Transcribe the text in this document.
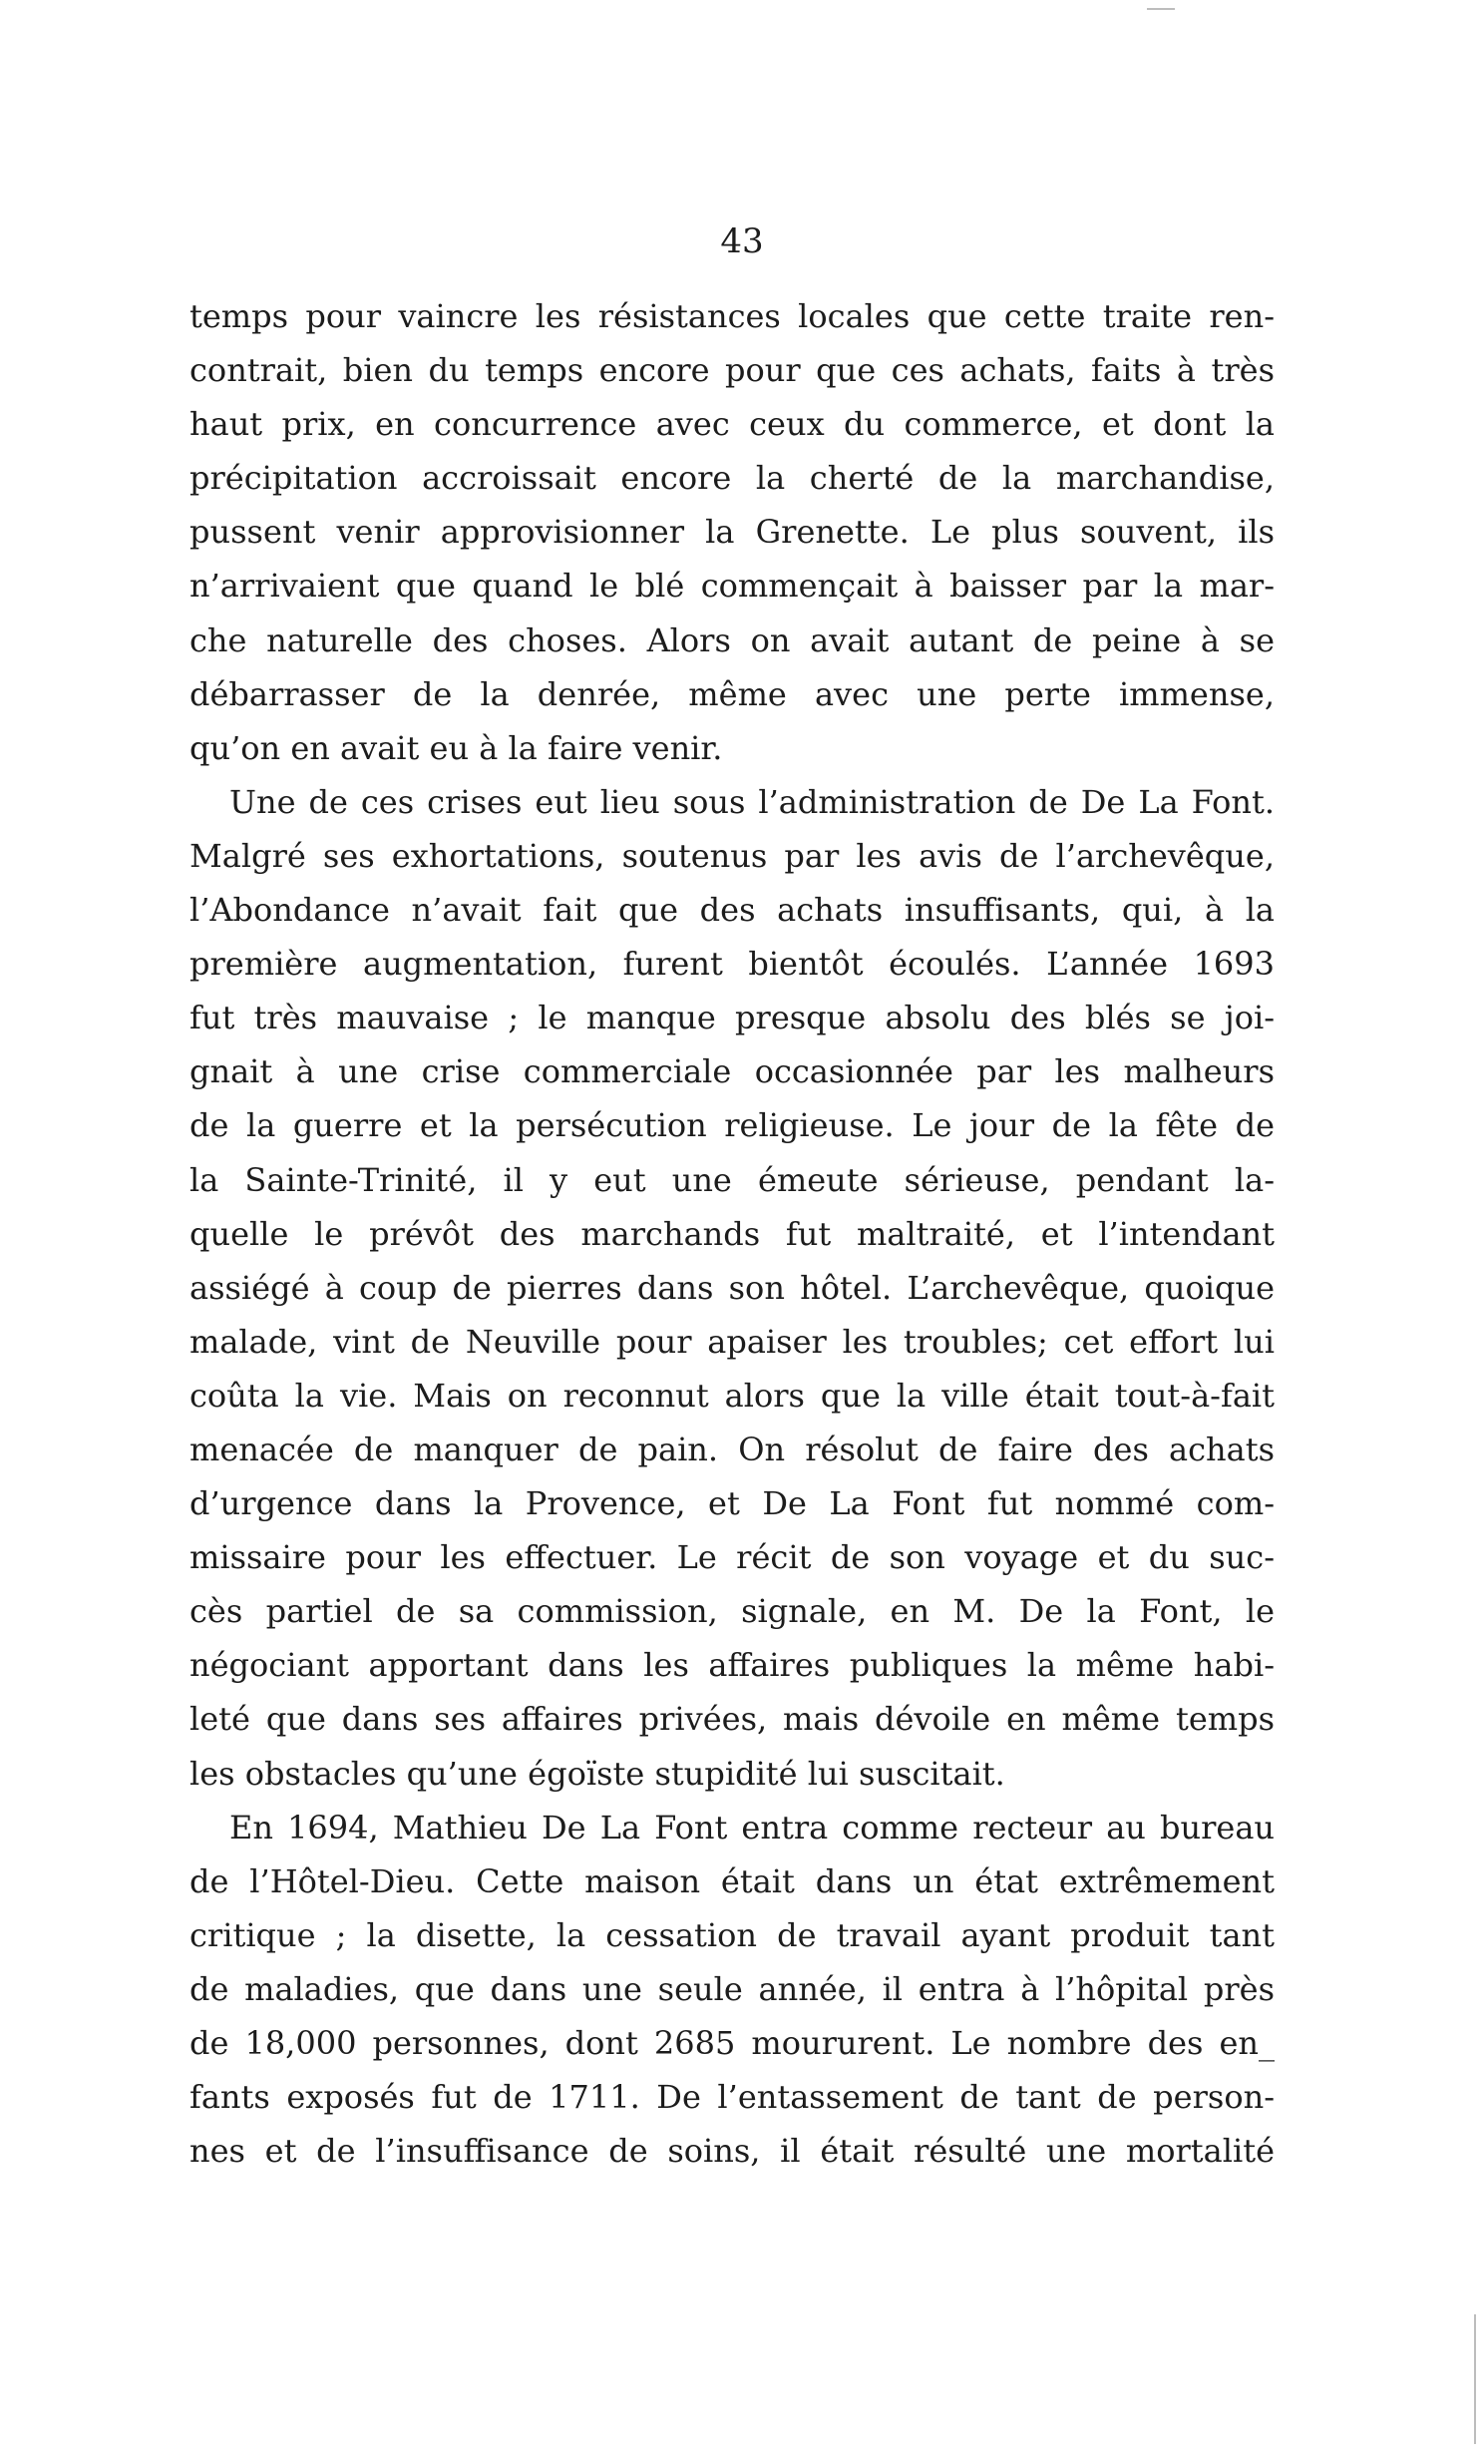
43
temps pour vaincre les résistances locales que cette traite ren-
contrait, bien du temps encore pour que ces achats, faits à très
haut prix, en concurrence avec ceux du commerce, et dont la
précipitation accroissait encore la cherté de la marchandise,
pussent venir approvisionner la Grenette. Le plus souvent, ils
n’arrivaient que quand le blé commençait à baisser par la mar-
che naturelle des choses. Alors on avait autant de peine à se
débarrasser de la denrée, même avec une perte immense,
qu’on en avait eu à la faire venir.
Une de ces crises eut lieu sous l’administration de De La Font.
Malgré ses exhortations, soutenus par les avis de l’archevêque,
l’Abondance n’avait fait que des achats insuffisants, qui, à la
première augmentation, furent bientôt écoulés. L’année 1693
fut très mauvaise ; le manque presque absolu des blés se joi-
gnait à une crise commerciale occasionnée par les malheurs
de la guerre et la persécution religieuse. Le jour de la fête de
la Sainte-Trinité, il y eut une émeute sérieuse, pendant la-
quelle le prévôt des marchands fut maltraité, et l’intendant
assiégé à coup de pierres dans son hôtel. L’archevêque, quoique
malade, vint de Neuville pour apaiser les troubles; cet effort lui
coûta la vie. Mais on reconnut alors que la ville était tout-à-fait
menacée de manquer de pain. On résolut de faire des achats
d’urgence dans la Provence, et De La Font fut nommé com-
missaire pour les effectuer. Le récit de son voyage et du suc-
cès partiel de sa commission, signale, en M. De la Font, le
négociant apportant dans les affaires publiques la même habi-
leté que dans ses affaires privées, mais dévoile en même temps
les obstacles qu’une égoïste stupidité lui suscitait.
En 1694, Mathieu De La Font entra comme recteur au bureau
de l’Hôtel-Dieu. Cette maison était dans un état extrêmement
critique ; la disette, la cessation de travail ayant produit tant
de maladies, que dans une seule année, il entra à l’hôpital près
de 18,000 personnes, dont 2685 moururent. Le nombre des en_
fants exposés fut de 1711. De l’entassement de tant de person-
nes et de l’insuffisance de soins, il était résulté une mortalité
